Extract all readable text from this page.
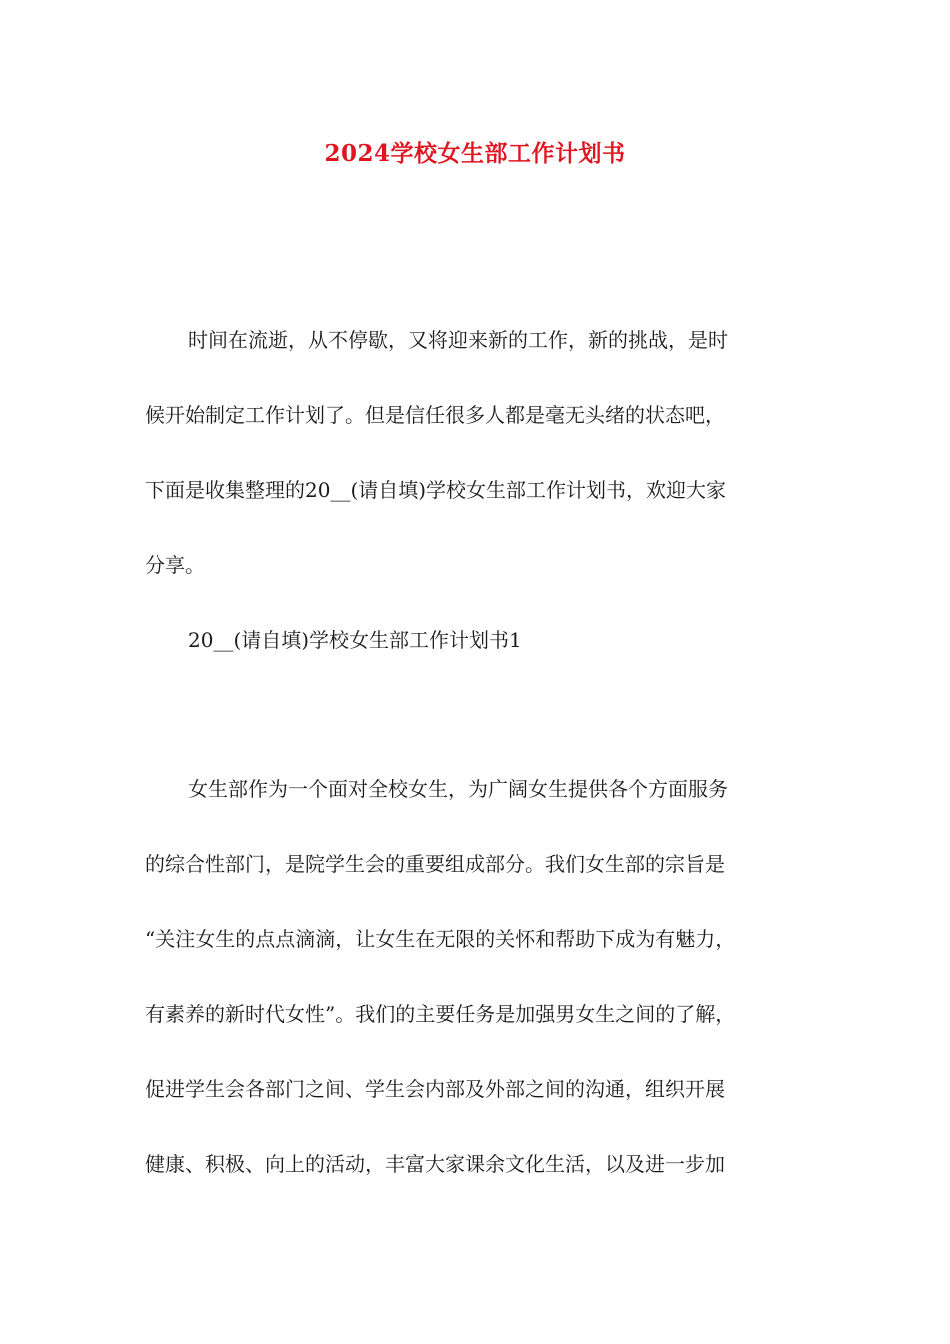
2024学校女生部工作计划书

时间在流逝，从不停歇，又将迎来新的工作，新的挑战，是时

候开始制定工作计划了。但是信任很多人都是毫无头绪的状态吧，

下面是收集整理的20__(请自填)学校女生部工作计划书，欢迎大家

分享。

20__(请自填)学校女生部工作计划书1

女生部作为一个面对全校女生，为广阔女生提供各个方面服务

的综合性部门，是院学生会的重要组成部分。我们女生部的宗旨是

“关注女生的点点滴滴，让女生在无限的关怀和帮助下成为有魅力，

有素养的新时代女性”。我们的主要任务是加强男女生之间的了解，

促进学生会各部门之间、学生会内部及外部之间的沟通，组织开展

健康、积极、向上的活动，丰富大家课余文化生活，以及进一步加
